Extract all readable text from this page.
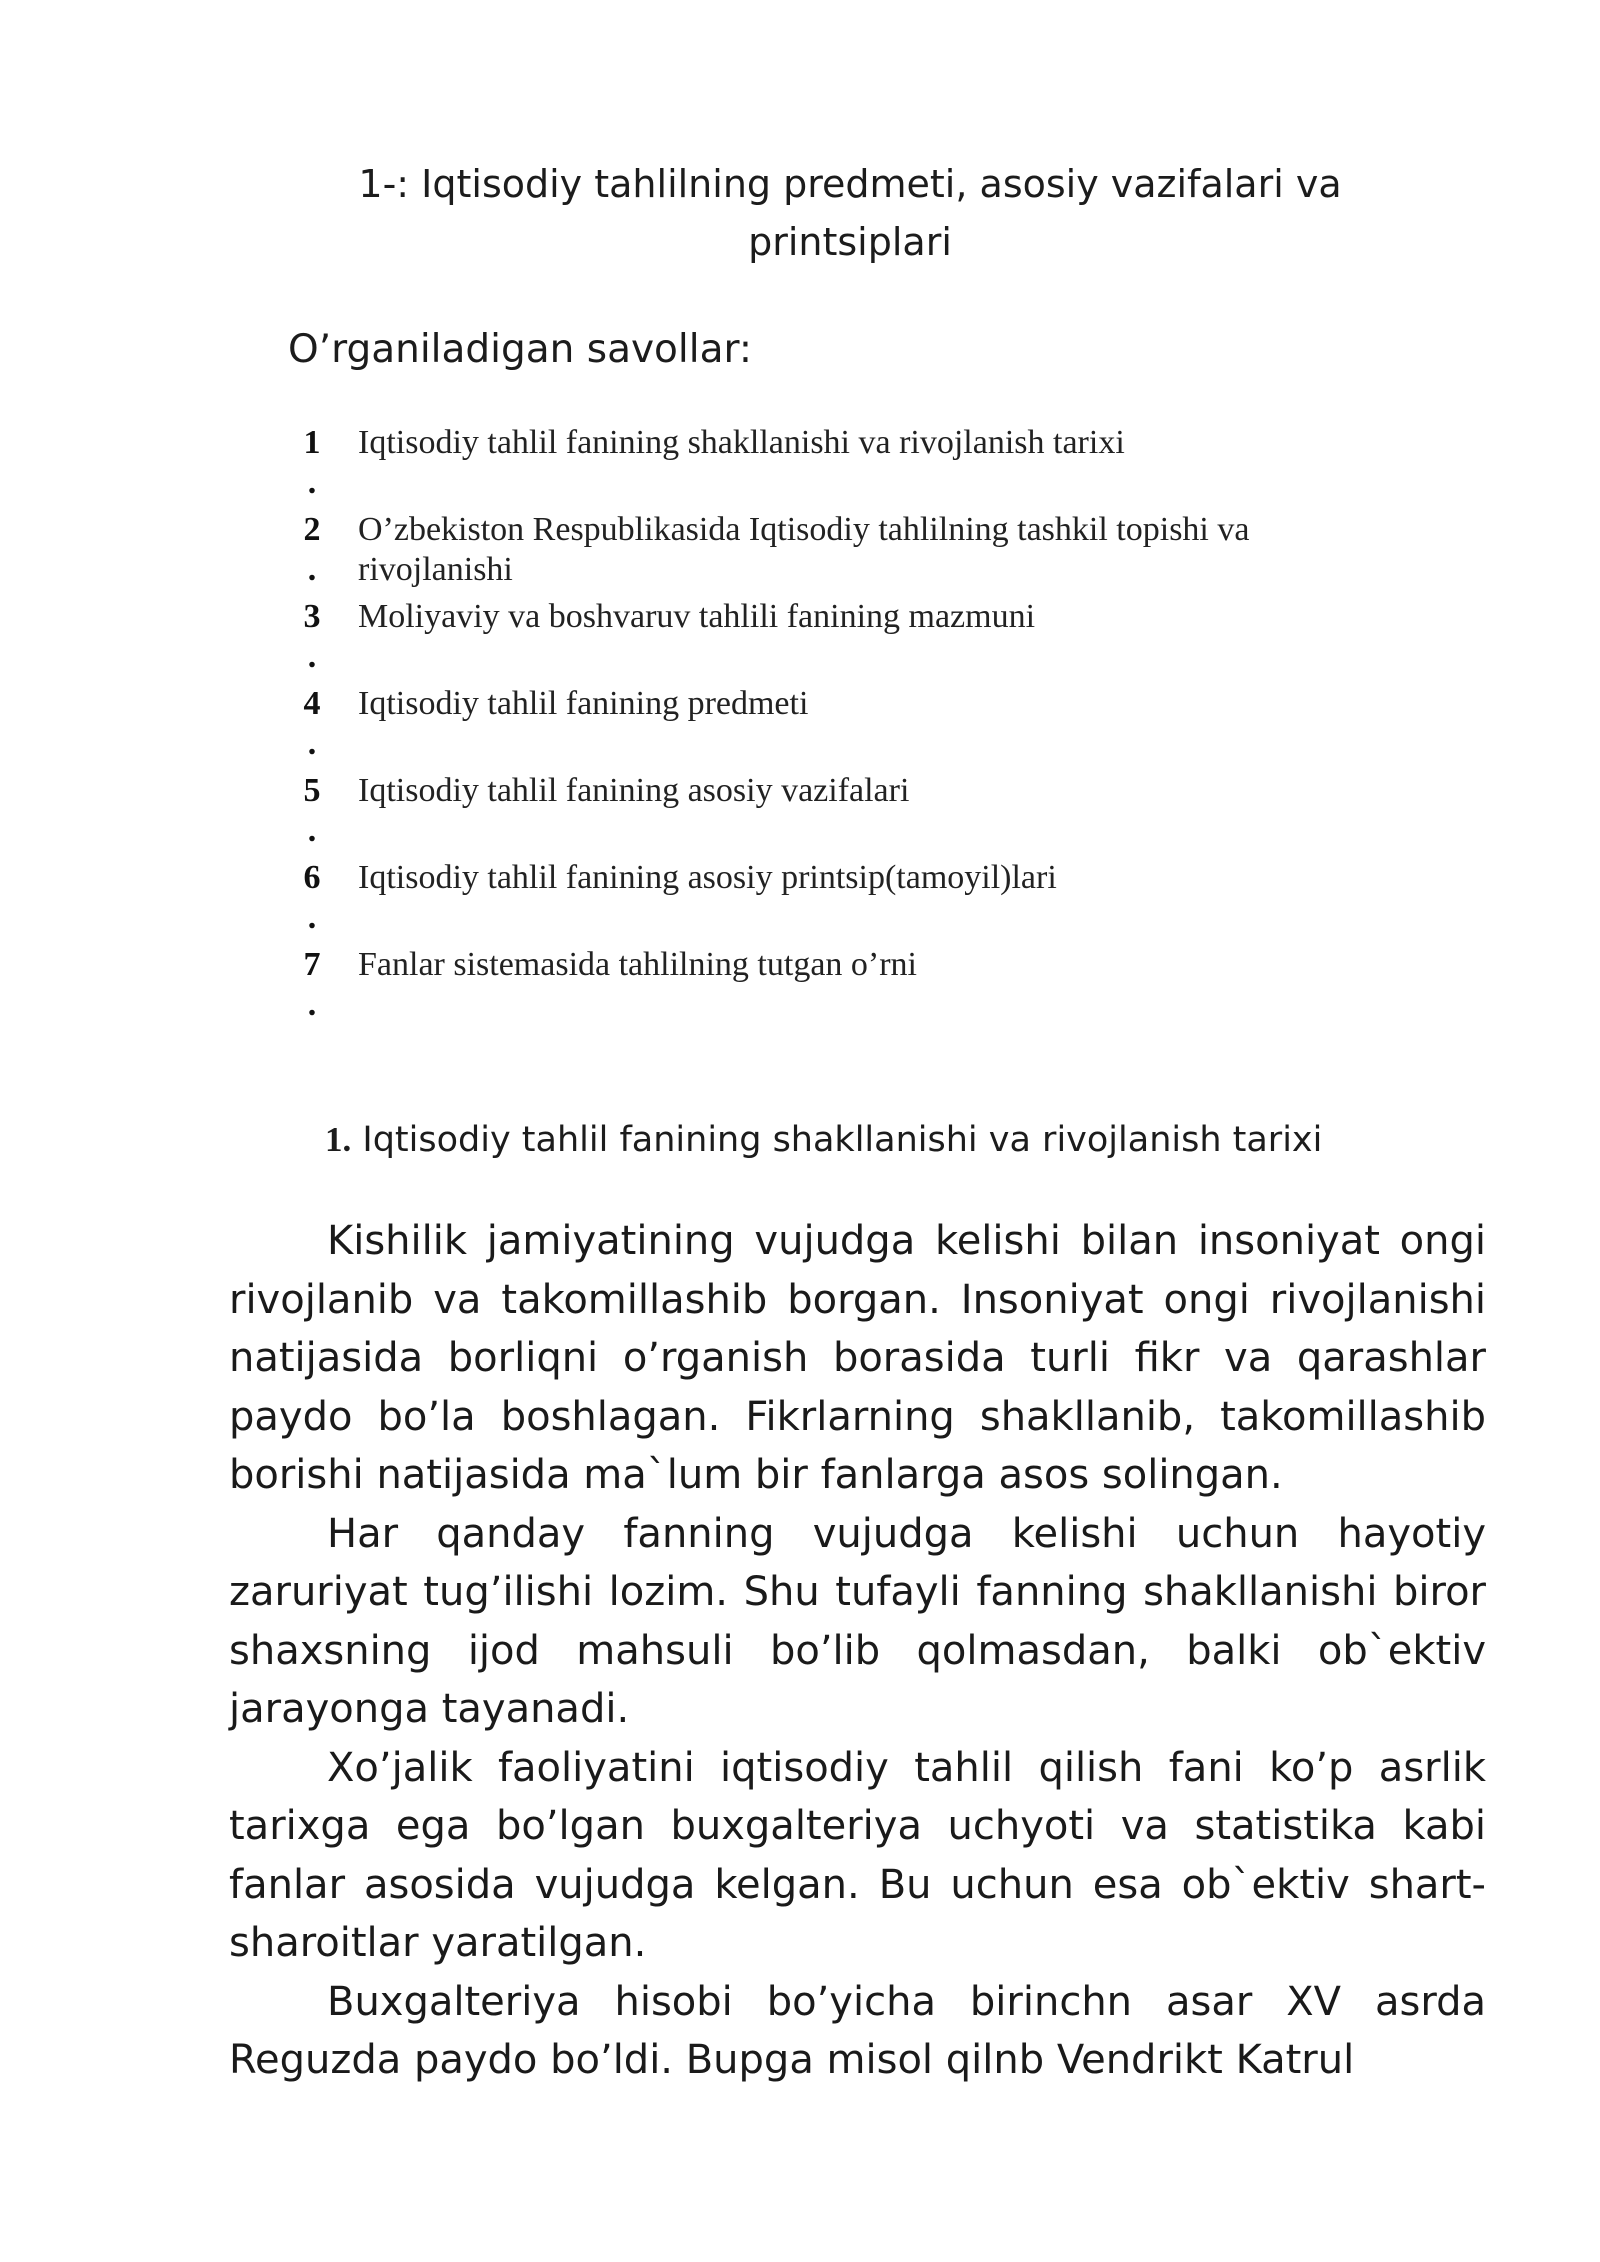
1-: Iqtisodiy tahlilning predmeti, asosiy vazifalari va
printsiplari
O’rganiladigan savollar:
1
.
Iqtisodiy tahlil fanining shakllanishi va rivojlanish tarixi
2
.
O’zbekiston Respublikasida Iqtisodiy tahlilning tashkil topishi va rivojlanishi
3
.
Moliyaviy va boshvaruv tahlili fanining mazmuni
4
.
Iqtisodiy tahlil fanining predmeti
5
.
Iqtisodiy tahlil fanining asosiy vazifalari
6
.
Iqtisodiy tahlil fanining asosiy printsip(tamoyil)lari
7
.
Fanlar sistemasida tahlilning tutgan o’rni
1. Iqtisodiy tahlil fanining shakllanishi va rivojlanish tarixi

Kishilik jamiyatining vujudga kelishi bilan insoniyat ongi rivojlanib va takomillashib borgan. Insoniyat ongi rivojlanishi natijasida borliqni o’rganish borasida turli fikr va qarashlar paydo bo’la boshlagan. Fikrlarning shakllanib, takomillashib borishi natijasida ma`lum bir fanlarga asos solingan.

Har qanday fanning vujudga kelishi uchun hayotiy zaruriyat tug’ilishi lozim. Shu tufayli fanning shakllanishi biror shaxsning ijod mahsuli bo’lib qolmasdan, balki ob`ektiv jarayonga tayanadi.

Xo’jalik faoliyatini iqtisodiy tahlil qilish fani ko’p asrlik tarixga ega bo’lgan buxgalteriya uchyoti va statistika kabi fanlar asosida vujudga kelgan. Bu uchun esa ob`ektiv shart-sharoitlar yaratilgan.

Buxgalteriya hisobi bo’yicha birinchn asar XV asrda Reguzda paydo bo’ldi. Bupga misol qilnb Vendrikt Katrul
